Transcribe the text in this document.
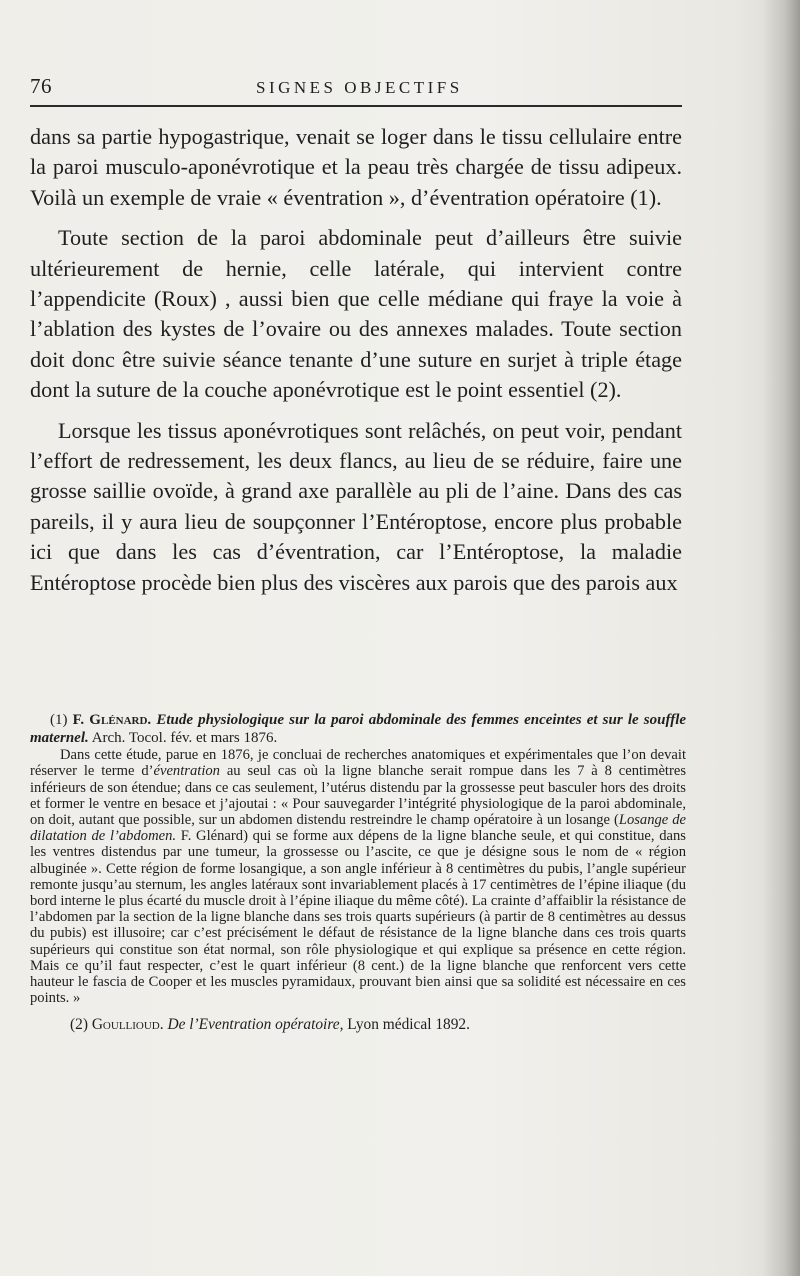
76	SIGNES OBJECTIFS

dans sa partie hypogastrique, venait se loger dans le tissu cellulaire entre la paroi musculo-aponévrotique et la peau très chargée de tissu adipeux. Voilà un exemple de vraie « éventration », d’éventration opératoire (1).

Toute section de la paroi abdominale peut d’ailleurs être suivie ultérieurement de hernie, celle latérale, qui intervient contre l’appendicite (Roux) , aussi bien que celle médiane qui fraye la voie à l’ablation des kystes de l’ovaire ou des annexes malades. Toute section doit donc être suivie séance tenante d’une suture en surjet à triple étage dont la suture de la couche aponévrotique est le point essentiel (2).

Lorsque les tissus aponévrotiques sont relâchés, on peut voir, pendant l’effort de redressement, les deux flancs, au lieu de se réduire, faire une grosse saillie ovoïde, à grand axe parallèle au pli de l’aine. Dans des cas pareils, il y aura lieu de soupçonner l’Entéroptose, encore plus probable ici que dans les cas d’éventration, car l’Entéroptose, la maladie Entéroptose procède bien plus des viscères aux parois que des parois aux

(1) F. Glénard. Etude physiologique sur la paroi abdominale des femmes enceintes et sur le souffle maternel. Arch. Tocol. fév. et mars 1876.

Dans cette étude, parue en 1876, je concluai de recherches anatomiques et expérimentales que l’on devait réserver le terme d’éventration au seul cas où la ligne blanche serait rompue dans les 7 à 8 centimètres inférieurs de son étendue; dans ce cas seulement, l’utérus distendu par la grossesse peut basculer hors des droits et former le ventre en besace et j’ajoutai : « Pour sauvegarder l’intégrité physiologique de la paroi abdominale, on doit, autant que possible, sur un abdomen distendu restreindre le champ opératoire à un losange (Losange de dilatation de l’abdomen. F. Glénard) qui se forme aux dépens de la ligne blanche seule, et qui constitue, dans les ventres distendus par une tumeur, la grossesse ou l’ascite, ce que je désigne sous le nom de « région albuginée ». Cette région de forme losangique, a son angle inférieur à 8 centimètres du pubis, l’angle supérieur remonte jusqu’au sternum, les angles latéraux sont invariablement placés à 17 centimètres de l’épine iliaque (du bord interne le plus écarté du muscle droit à l’épine iliaque du même côté). La crainte d’affaiblir la résistance de l’abdomen par la section de la ligne blanche dans ses trois quarts supérieurs (à partir de 8 centimètres au dessus du pubis) est illusoire; car c’est précisément le défaut de résistance de la ligne blanche dans ces trois quarts supérieurs qui constitue son état normal, son rôle physiologique et qui explique sa présence en cette région. Mais ce qu’il faut respecter, c’est le quart inférieur (8 cent.) de la ligne blanche que renforcent vers cette hauteur le fascia de Cooper et les muscles pyramidaux, prouvant bien ainsi que sa solidité est nécessaire en ces points. »

(2) Goullioud. De l’Eventration opératoire, Lyon médical 1892.
